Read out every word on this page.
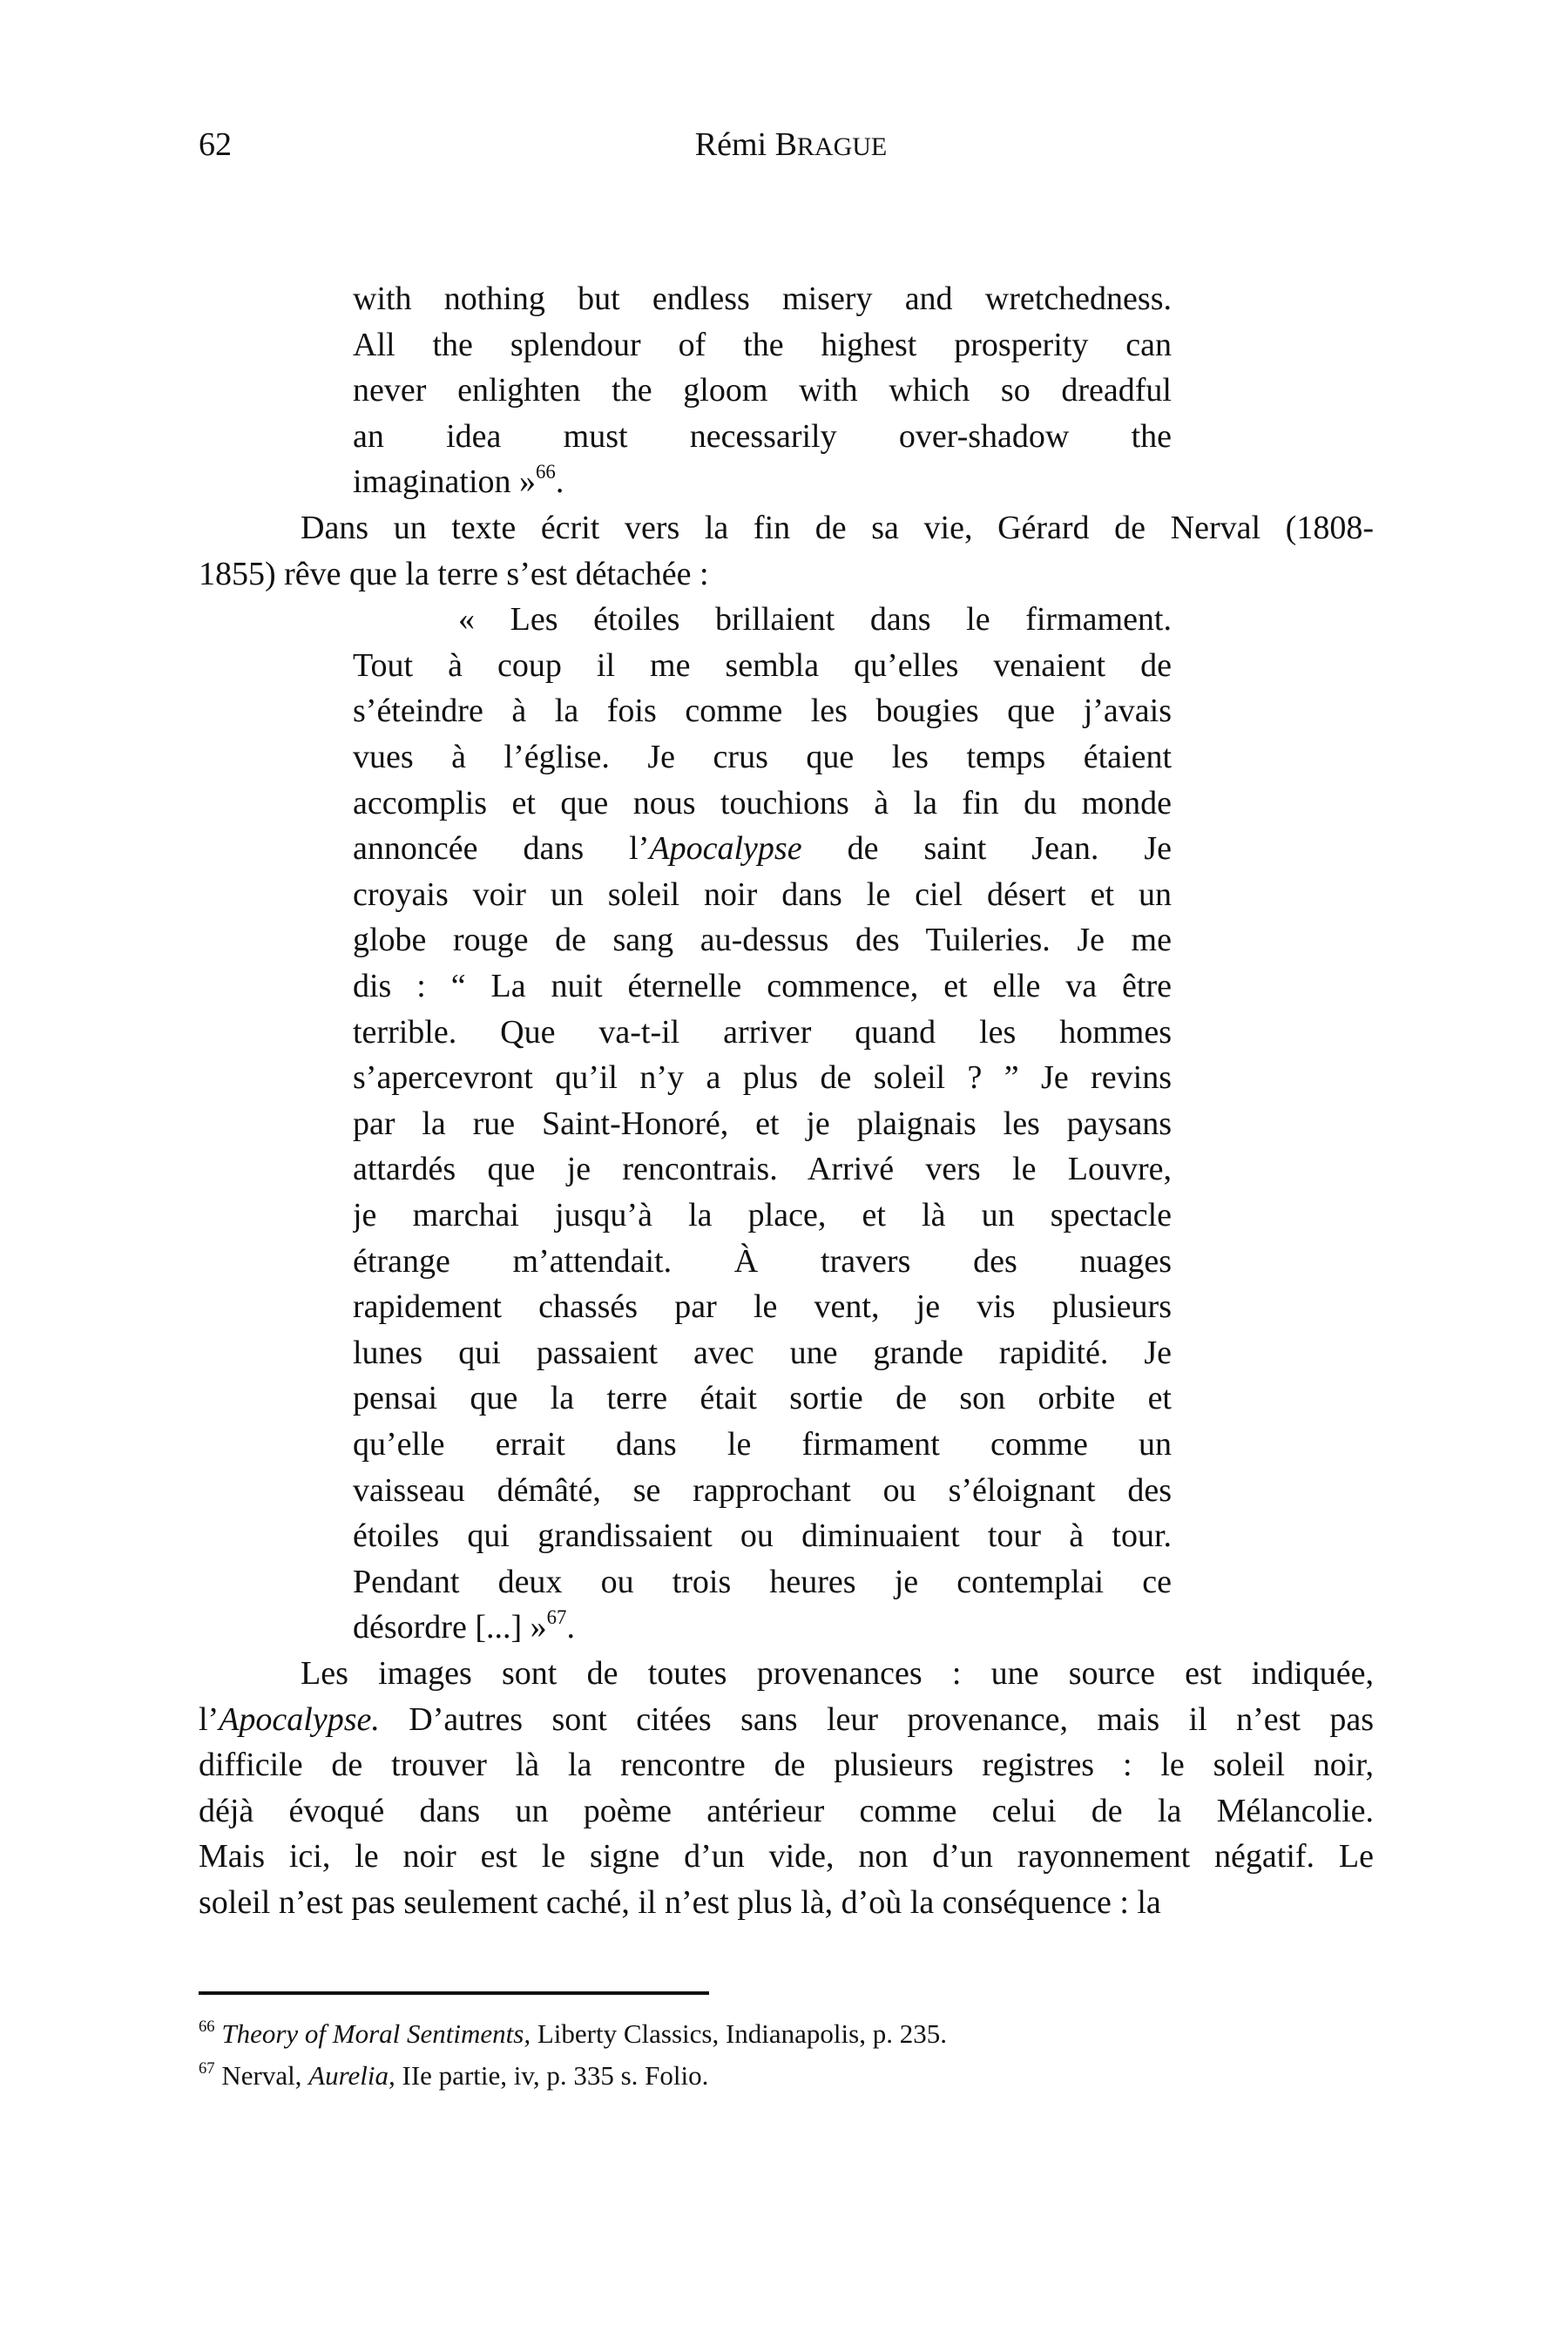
62	Rémi BRAGUE
with nothing but endless misery and wretchedness.
All the splendour of the highest prosperity can
never enlighten the gloom with which so dreadful
an idea must necessarily over-shadow the
imagination »$^{66}$.
Dans un texte écrit vers la fin de sa vie, Gérard de Nerval (1808-
1855) rêve que la terre s’est détachée :
« Les étoiles brillaient dans le firmament.
Tout à coup il me sembla qu’elles venaient de
s’éteindre à la fois comme les bougies que j’avais
vues à l’église. Je crus que les temps étaient
accomplis et que nous touchions à la fin du monde
annoncée dans l’Apocalypse de saint Jean. Je
croyais voir un soleil noir dans le ciel désert et un
globe rouge de sang au-dessus des Tuileries. Je me
dis : “ La nuit éternelle commence, et elle va être
terrible. Que va-t-il arriver quand les hommes
s’apercevront qu’il n’y a plus de soleil ? ” Je revins
par la rue Saint-Honoré, et je plaignais les paysans
attardés que je rencontrais. Arrivé vers le Louvre,
je marchai jusqu’à la place, et là un spectacle
étrange m’attendait. À travers des nuages
rapidement chassés par le vent, je vis plusieurs
lunes qui passaient avec une grande rapidité. Je
pensai que la terre était sortie de son orbite et
qu’elle errait dans le firmament comme un
vaisseau démâté, se rapprochant ou s’éloignant des
étoiles qui grandissaient ou diminuaient tour à tour.
Pendant deux ou trois heures je contemplai ce
désordre [...] »$^{67}$.
Les images sont de toutes provenances : une source est indiquée,
l’Apocalypse. D’autres sont citées sans leur provenance, mais il n’est pas
difficile de trouver là la rencontre de plusieurs registres : le soleil noir,
déjà évoqué dans un poème antérieur comme celui de la Mélancolie.
Mais ici, le noir est le signe d’un vide, non d’un rayonnement négatif. Le
soleil n’est pas seulement caché, il n’est plus là, d’où la conséquence : la
$^{66}$ Theory of Moral Sentiments, Liberty Classics, Indianapolis, p. 235.
$^{67}$ Nerval, Aurelia, IIe partie, iv, p. 335 s. Folio.
